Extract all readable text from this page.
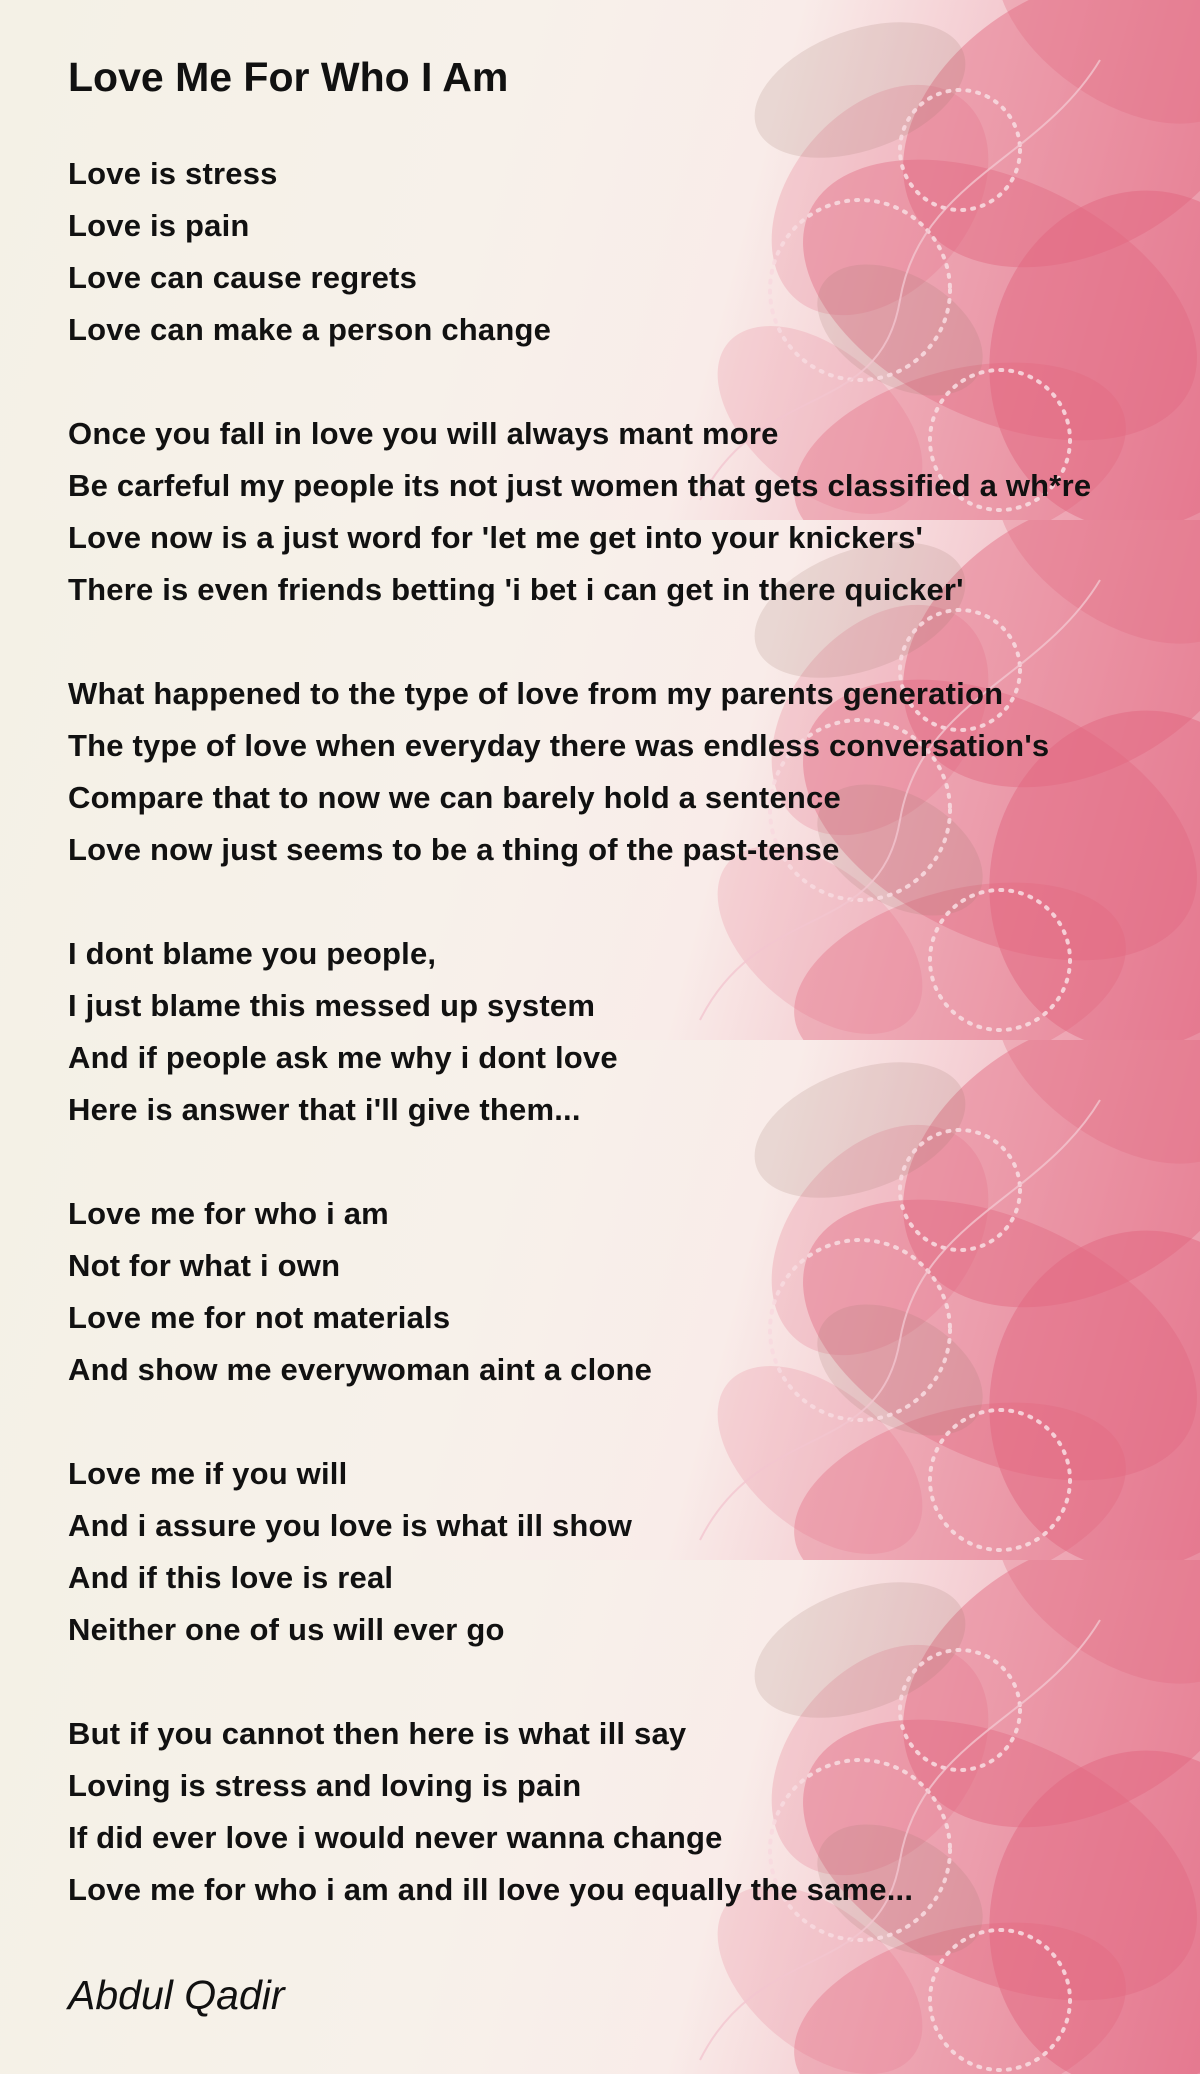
Love Me For Who I Am
Love is stress
Love is pain
Love can cause regrets
Love can make a person change
Once you fall in love you will always mant more
Be carfeful my people its not just women that gets classified a wh*re
Love now is a just word for 'let me get into your knickers'
There is even friends betting 'i bet i can get in there quicker'
What happened to the type of love from my parents generation
The type of love when everyday there was endless conversation's
Compare that to now we can barely hold a sentence
Love now just seems to be a thing of the past-tense
I dont blame you people,
I just blame this messed up system
And if people ask me why i dont love
Here is answer that i'll give them...
Love me for who i am
Not for what i own
Love me for not materials
And show me everywoman aint a clone
Love me if you will
And i assure you love is what ill show
And if this love is real
Neither one of us will ever go
But if you cannot then here is what ill say
Loving is stress and loving is pain
If did ever love i would never wanna change
Love me for who i am and ill love you equally the same...

Abdul Qadir
